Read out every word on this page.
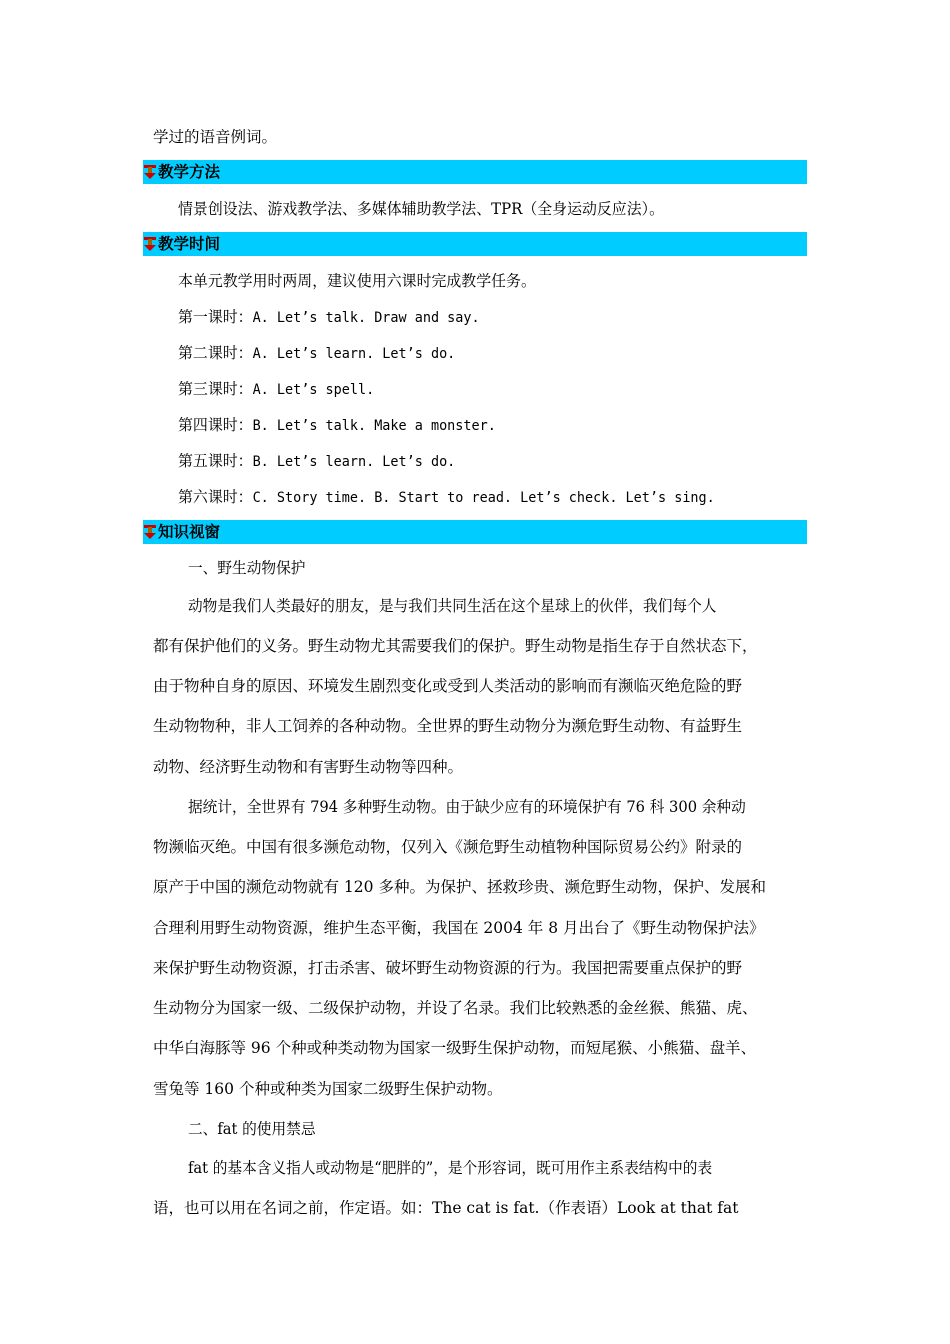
学过的语音例词。
教学方法
情景创设法、游戏教学法、多媒体辅助教学法、TPR（全身运动反应法）。
教学时间
本单元教学用时两周，建议使用六课时完成教学任务。
第一课时：A. Let’s talk. Draw and say.
第二课时：A. Let’s learn. Let’s do.
第三课时：A. Let’s spell.
第四课时：B. Let’s talk. Make a monster.
第五课时：B. Let’s learn. Let’s do.
第六课时：C. Story time. B. Start to read. Let’s check. Let’s sing.
知识视窗
一、野生动物保护
动物是我们人类最好的朋友，是与我们共同生活在这个星球上的伙伴，我们每个人
都有保护他们的义务。野生动物尤其需要我们的保护。野生动物是指生存于自然状态下，
由于物种自身的原因、环境发生剧烈变化或受到人类活动的影响而有濒临灭绝危险的野
生动物物种，非人工饲养的各种动物。全世界的野生动物分为濒危野生动物、有益野生
动物、经济野生动物和有害野生动物等四种。
据统计，全世界有 794 多种野生动物。由于缺少应有的环境保护有 76 科 300 余种动
物濒临灭绝。中国有很多濒危动物，仅列入《濒危野生动植物种国际贸易公约》附录的
原产于中国的濒危动物就有 120 多种。为保护、拯救珍贵、濒危野生动物，保护、发展和
合理利用野生动物资源，维护生态平衡，我国在 2004 年 8 月出台了《野生动物保护法》
来保护野生动物资源，打击杀害、破坏野生动物资源的行为。我国把需要重点保护的野
生动物分为国家一级、二级保护动物，并设了名录。我们比较熟悉的金丝猴、熊猫、虎、
中华白海豚等 96 个种或种类动物为国家一级野生保护动物，而短尾猴、小熊猫、盘羊、
雪兔等 160 个种或种类为国家二级野生保护动物。
二、fat 的使用禁忌
fat 的基本含义指人或动物是“肥胖的”，是个形容词，既可用作主系表结构中的表
语，也可以用在名词之前，作定语。如：The cat is fat.（作表语）Look at that fat
